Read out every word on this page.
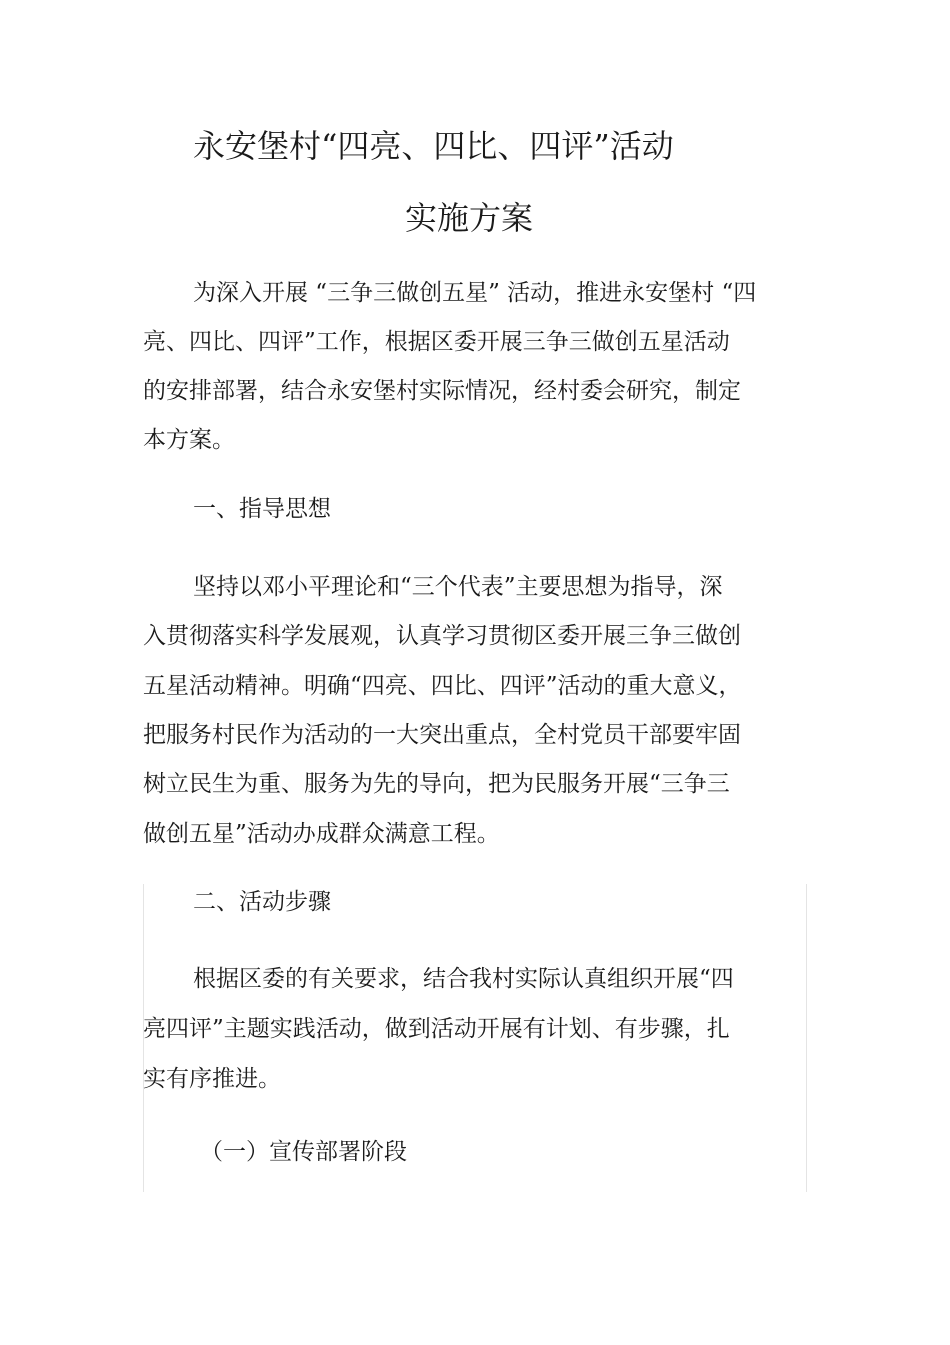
永安堡村“四亮、四比、四评”活动
实施方案
为深入开展 “三争三做创五星” 活动，推进永安堡村 “四
亮、四比、四评”工作，根据区委开展三争三做创五星活动
的安排部署，结合永安堡村实际情况，经村委会研究，制定
本方案。
一、指导思想
坚持以邓小平理论和“三个代表”主要思想为指导，深
入贯彻落实科学发展观，认真学习贯彻区委开展三争三做创
五星活动精神。明确“四亮、四比、四评”活动的重大意义，
把服务村民作为活动的一大突出重点，全村党员干部要牢固
树立民生为重、服务为先的导向，把为民服务开展“三争三
做创五星”活动办成群众满意工程。
二、活动步骤
根据区委的有关要求，结合我村实际认真组织开展“四
亮四评”主题实践活动，做到活动开展有计划、有步骤，扎
实有序推进。
（一）宣传部署阶段
